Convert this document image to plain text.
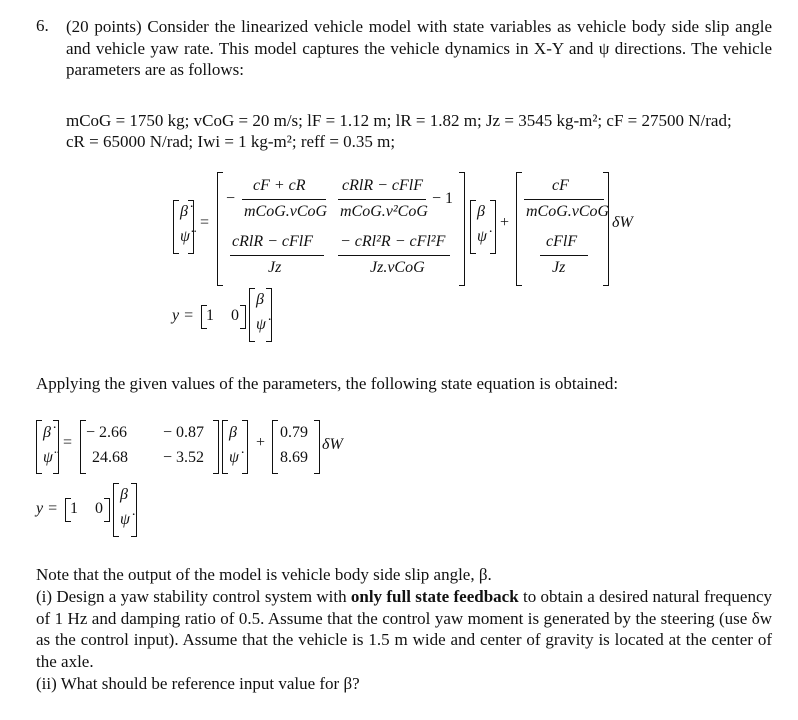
6. (20 points) Consider the linearized vehicle model with state variables as vehicle body side slip angle and vehicle yaw rate. This model captures the vehicle dynamics in X-Y and ψ directions. The vehicle parameters are as follows:
mCoG = 1750 kg; vCoG = 20 m/s; lF = 1.12 m; lR = 1.82 m; Jz = 3545 kg-m²; cF = 27500 N/rad;
cR = 65000 N/rad; Iwi = 1 kg-m²; reff = 0.35 m;
β̇
ψ̈
=
−
cF + cR
mCoG.vCoG
cRlR − cFlF
mCoG.v²CoG
− 1
cRlR − cFlF
Jz
− cRl²R − cFl²F
Jz.vCoG
β
ψ̇
+
cF
mCoG.vCoG
cFlF
Jz
δW
y = 1 0
β
ψ̇
Applying the given values of the parameters, the following state equation is obtained:
β̇
ψ̈
=
− 2.66 − 0.87
24.68 − 3.52
β
ψ̇
+
0.79
8.69
δW
y = 1 0
β
ψ̇
Note that the output of the model is vehicle body side slip angle, β.
(i) Design a yaw stability control system with only full state feedback to obtain a desired natural frequency of 1 Hz and damping ratio of 0.5. Assume that the control yaw moment is generated by the steering (use δw as the control input). Assume that the vehicle is 1.5 m wide and center of gravity is located at the center of the axle.
(ii) What should be reference input value for β?
